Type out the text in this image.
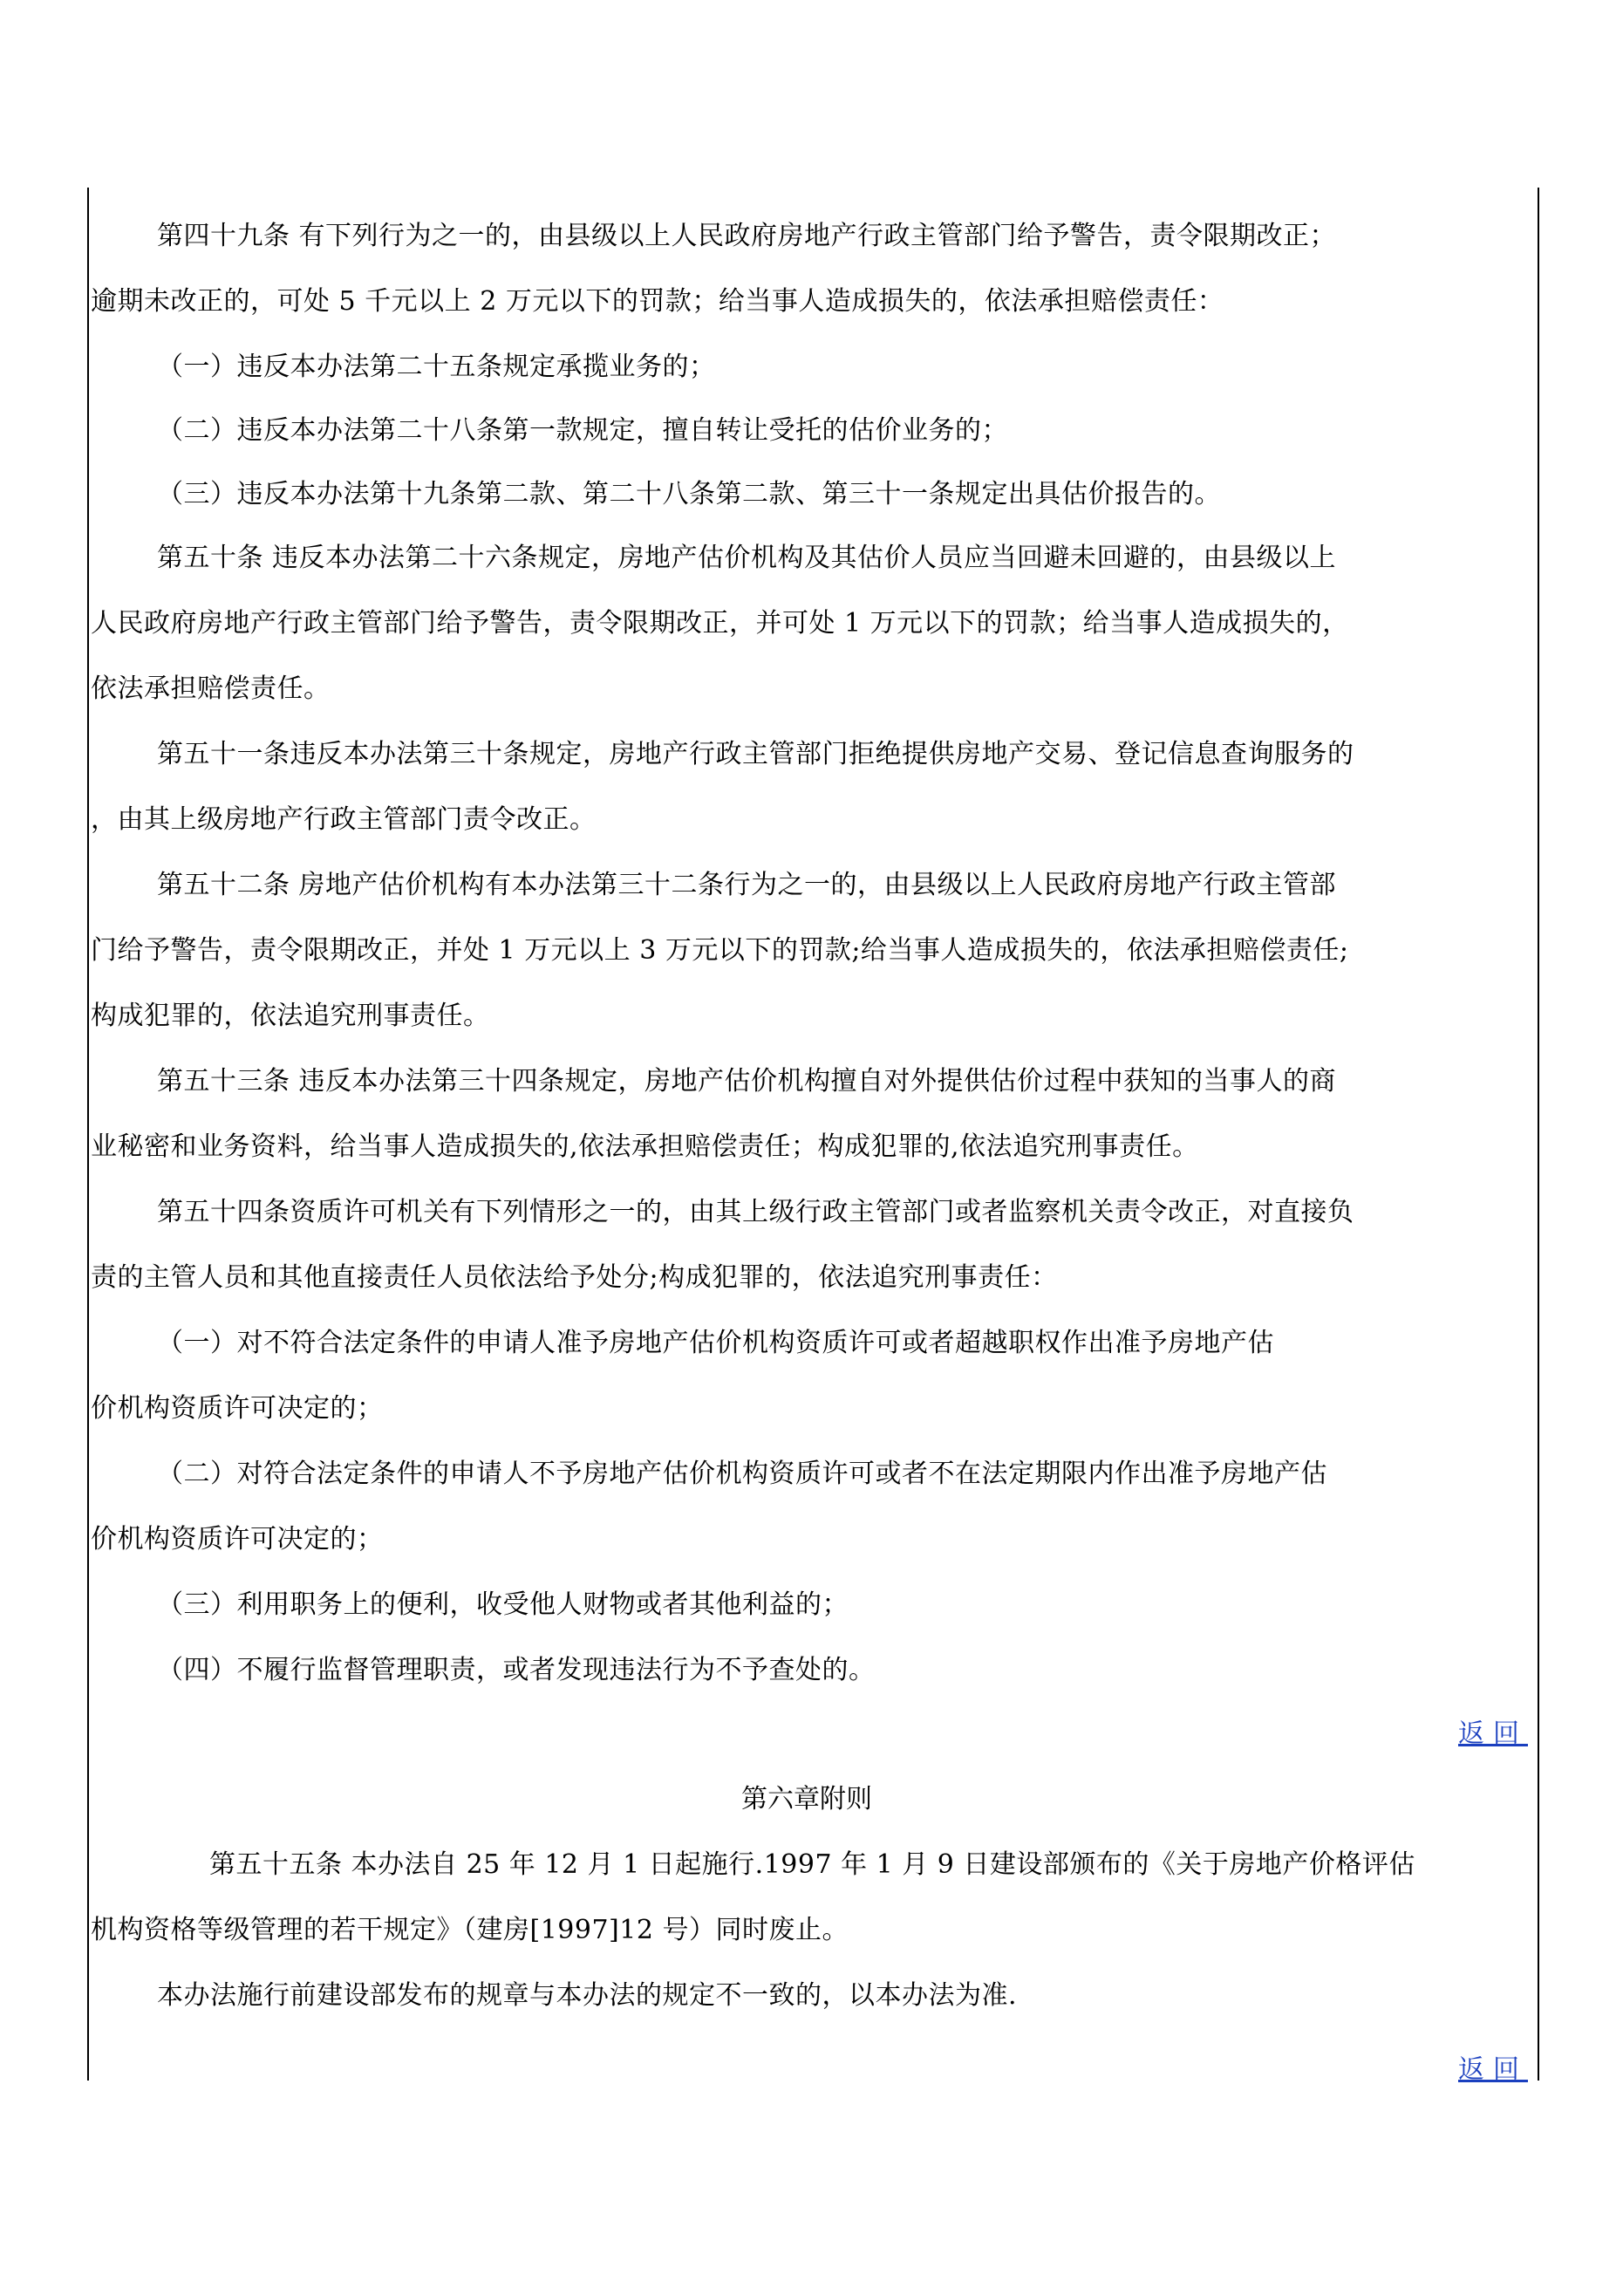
第四十九条 有下列行为之一的，由县级以上人民政府房地产行政主管部门给予警告，责令限期改正；
逾期未改正的，可处 5 千元以上 2 万元以下的罚款；给当事人造成损失的，依法承担赔偿责任：
（一）违反本办法第二十五条规定承揽业务的；
（二）违反本办法第二十八条第一款规定，擅自转让受托的估价业务的；
（三）违反本办法第十九条第二款、第二十八条第二款、第三十一条规定出具估价报告的。
第五十条 违反本办法第二十六条规定，房地产估价机构及其估价人员应当回避未回避的，由县级以上
人民政府房地产行政主管部门给予警告，责令限期改正，并可处 1 万元以下的罚款；给当事人造成损失的，
依法承担赔偿责任。
第五十一条违反本办法第三十条规定，房地产行政主管部门拒绝提供房地产交易、登记信息查询服务的
，由其上级房地产行政主管部门责令改正。
第五十二条 房地产估价机构有本办法第三十二条行为之一的，由县级以上人民政府房地产行政主管部
门给予警告，责令限期改正，并处 1 万元以上 3 万元以下的罚款;给当事人造成损失的，依法承担赔偿责任;
构成犯罪的，依法追究刑事责任。
第五十三条 违反本办法第三十四条规定，房地产估价机构擅自对外提供估价过程中获知的当事人的商
业秘密和业务资料，给当事人造成损失的,依法承担赔偿责任；构成犯罪的,依法追究刑事责任。
第五十四条资质许可机关有下列情形之一的，由其上级行政主管部门或者监察机关责令改正，对直接负
责的主管人员和其他直接责任人员依法给予处分;构成犯罪的，依法追究刑事责任：
（一）对不符合法定条件的申请人准予房地产估价机构资质许可或者超越职权作出准予房地产估
价机构资质许可决定的；
（二）对符合法定条件的申请人不予房地产估价机构资质许可或者不在法定期限内作出准予房地产估
价机构资质许可决定的；
（三）利用职务上的便利，收受他人财物或者其他利益的；
（四）不履行监督管理职责，或者发现违法行为不予查处的。
返回
第六章附则
第五十五条 本办法自 25 年 12 月 1 日起施行.1997 年 1 月 9 日建设部颁布的《关于房地产价格评估
机构资格等级管理的若干规定》（建房[1997]12 号）同时废止。
本办法施行前建设部发布的规章与本办法的规定不一致的，以本办法为准.
返回
